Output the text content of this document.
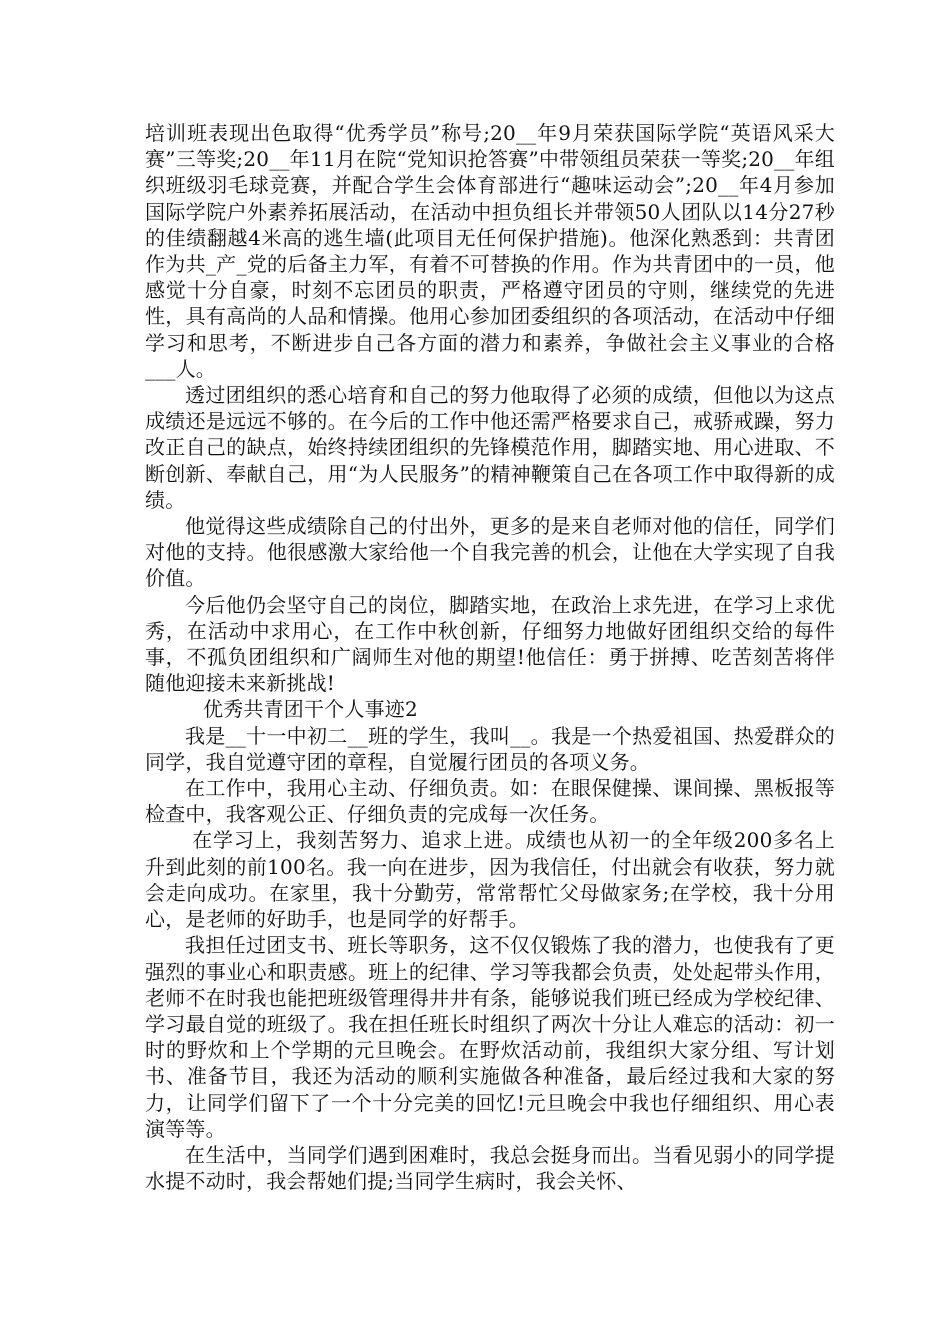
培训班表现出色取得“优秀学员”称号;20__年9月荣获国际学院“英语风采大赛”三等奖;20__年11月在院“党知识抢答赛”中带领组员荣获一等奖;20__年组织班级羽毛球竞赛，并配合学生会体育部进行“趣味运动会”;20__年4月参加国际学院户外素养拓展活动，在活动中担负组长并带领50人团队以14分27秒的佳绩翻越4米高的逃生墙(此项目无任何保护措施)。他深化熟悉到：共青团作为共_产_党的后备主力军，有着不可替换的作用。作为共青团中的一员，他感觉十分自豪，时刻不忘团员的职责，严格遵守团员的守则，继续党的先进性，具有高尚的人品和情操。他用心参加团委组织的各项活动，在活动中仔细学习和思考，不断进步自己各方面的潜力和素养，争做社会主义事业的合格___人。

透过团组织的悉心培育和自己的努力他取得了必须的成绩，但他以为这点成绩还是远远不够的。在今后的工作中他还需严格要求自己，戒骄戒躁，努力改正自己的缺点，始终持续团组织的先锋模范作用，脚踏实地、用心进取、不断创新、奉献自己，用“为人民服务”的精神鞭策自己在各项工作中取得新的成绩。

他觉得这些成绩除自己的付出外，更多的是来自老师对他的信任，同学们对他的支持。他很感激大家给他一个自我完善的机会，让他在大学实现了自我价值。

今后他仍会坚守自己的岗位，脚踏实地，在政治上求先进，在学习上求优秀，在活动中求用心，在工作中秋创新，仔细努力地做好团组织交给的每件事，不孤负团组织和广阔师生对他的期望!他信任：勇于拼搏、吃苦刻苦将伴随他迎接未来新挑战!

优秀共青团干个人事迹2

我是__十一中初二__班的学生，我叫__。我是一个热爱祖国、热爱群众的同学，我自觉遵守团的章程，自觉履行团员的各项义务。

在工作中，我用心主动、仔细负责。如：在眼保健操、课间操、黑板报等检查中，我客观公正、仔细负责的完成每一次任务。

在学习上，我刻苦努力、追求上进。成绩也从初一的全年级200多名上升到此刻的前100名。我一向在进步，因为我信任，付出就会有收获，努力就会走向成功。在家里，我十分勤劳，常常帮忙父母做家务;在学校，我十分用心，是老师的好助手，也是同学的好帮手。

我担任过团支书、班长等职务，这不仅仅锻炼了我的潜力，也使我有了更强烈的事业心和职责感。班上的纪律、学习等我都会负责，处处起带头作用，老师不在时我也能把班级管理得井井有条，能够说我们班已经成为学校纪律、学习最自觉的班级了。我在担任班长时组织了两次十分让人难忘的活动：初一时的野炊和上个学期的元旦晚会。在野炊活动前，我组织大家分组、写计划书、准备节目，我还为活动的顺利实施做各种准备，最后经过我和大家的努力，让同学们留下了一个十分完美的回忆!元旦晚会中我也仔细组织、用心表演等等。

在生活中，当同学们遇到困难时，我总会挺身而出。当看见弱小的同学提水提不动时，我会帮她们提;当同学生病时，我会关怀、
